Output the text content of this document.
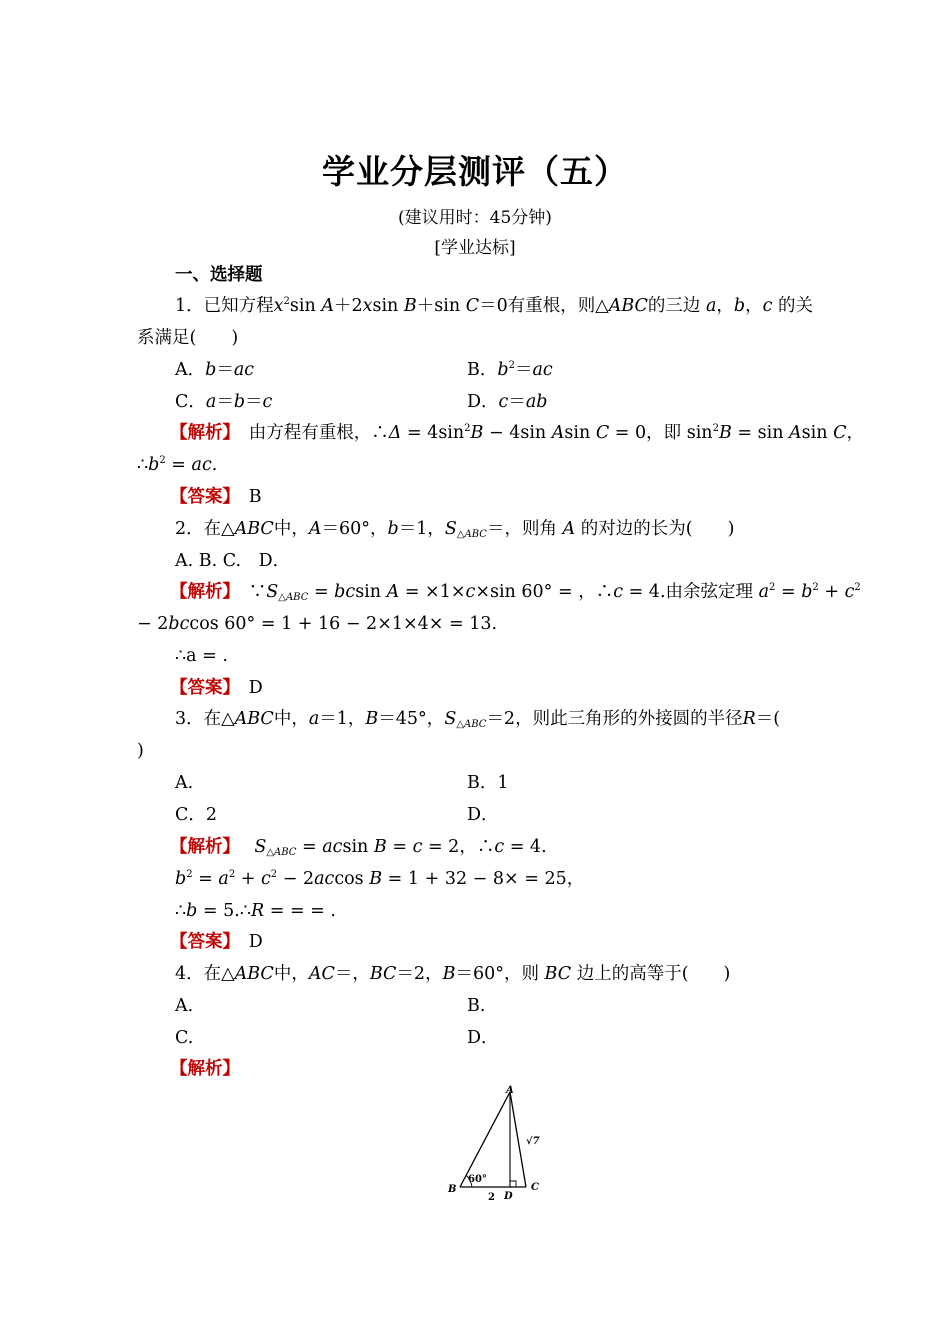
学业分层测评（五）
(建议用时：45分钟)
[学业达标]
一、选择题
1．已知方程$x^2\sin$ A＋2xsin B＋sin C＝0有重根，则△ABC的三边 a，b，c 的关
系满足(　　)
A．b＝ac	B．$b^2=ac$
C．a＝b＝c	D．c＝ab
【解析】　 由方程有重根，∴Δ = $4\sin^2B - 4\sin$ Asin C = 0，即 $\sin^2B = \sin Asin$ C，
$\therefore b^2$ = ac.
【答案】　 B
2．在△ABC中，A＝60°，b＝1，$S_{\triangle ABC}=$，则角 A 的对边的长为(　　)
A. B. C.　D．
【解析】　 $\because S_{\triangle ABC} = bcsin$ A = ×1×c×sin 60° = ，∴c = 4.由余弦定理 $a^2 = b^2 + c^2$
− 2bccos 60° = 1 + 16 − 2×1×4× = 13.
∴a = .
【答案】　 D
3．在△ABC中，a＝1，B＝45°，$S_{\triangle ABC}=2$，则此三角形的外接圆的半径R＝(
)
A.	B．1
C．2	D．
【解析】　 $S_{\triangle ABC} = acsin$ B = c = 2，∴c = 4.
$b^2 = a^2 + c^2 - 2accos$ B = 1 + 32 − 8× = 25，
∴b = 5.∴R = = = .
【答案】　 D
4．在△ABC中，AC＝，BC＝2，B＝60°，则 BC 边上的高等于(　　)
A.	B.
C.	D．
【解析】
A
B	C
D
60°
2
√7
